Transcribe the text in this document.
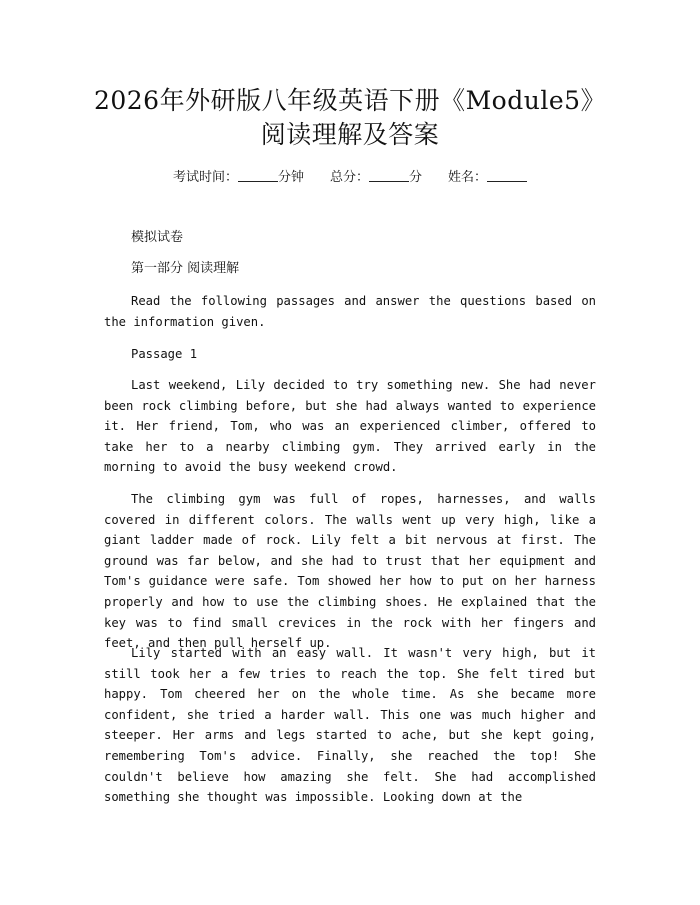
2026年外研版八年级英语下册《Module5》
阅读理解及答案
考试时间：	分钟 总分：	分 姓名：
模拟试卷
第一部分 阅读理解

Read the following passages and answer the questions based on the information given.

Passage 1

Last weekend, Lily decided to try something new. She had never been rock climbing before, but she had always wanted to experience it. Her friend, Tom, who was an experienced climber, offered to take her to a nearby climbing gym. They arrived early in the morning to avoid the busy weekend crowd.

The climbing gym was full of ropes, harnesses, and walls covered in different colors. The walls went up very high, like a giant ladder made of rock. Lily felt a bit nervous at first. The ground was far below, and she had to trust that her equipment and Tom's guidance were safe. Tom showed her how to put on her harness properly and how to use the climbing shoes. He explained that the key was to find small crevices in the rock with her fingers and feet, and then pull herself up.

Lily started with an easy wall. It wasn't very high, but it still took her a few tries to reach the top. She felt tired but happy. Tom cheered her on the whole time. As she became more confident, she tried a harder wall. This one was much higher and steeper. Her arms and legs started to ache, but she kept going, remembering Tom's advice. Finally, she reached the top! She couldn't believe how amazing she felt. She had accomplished something she thought was impossible. Looking down at the
